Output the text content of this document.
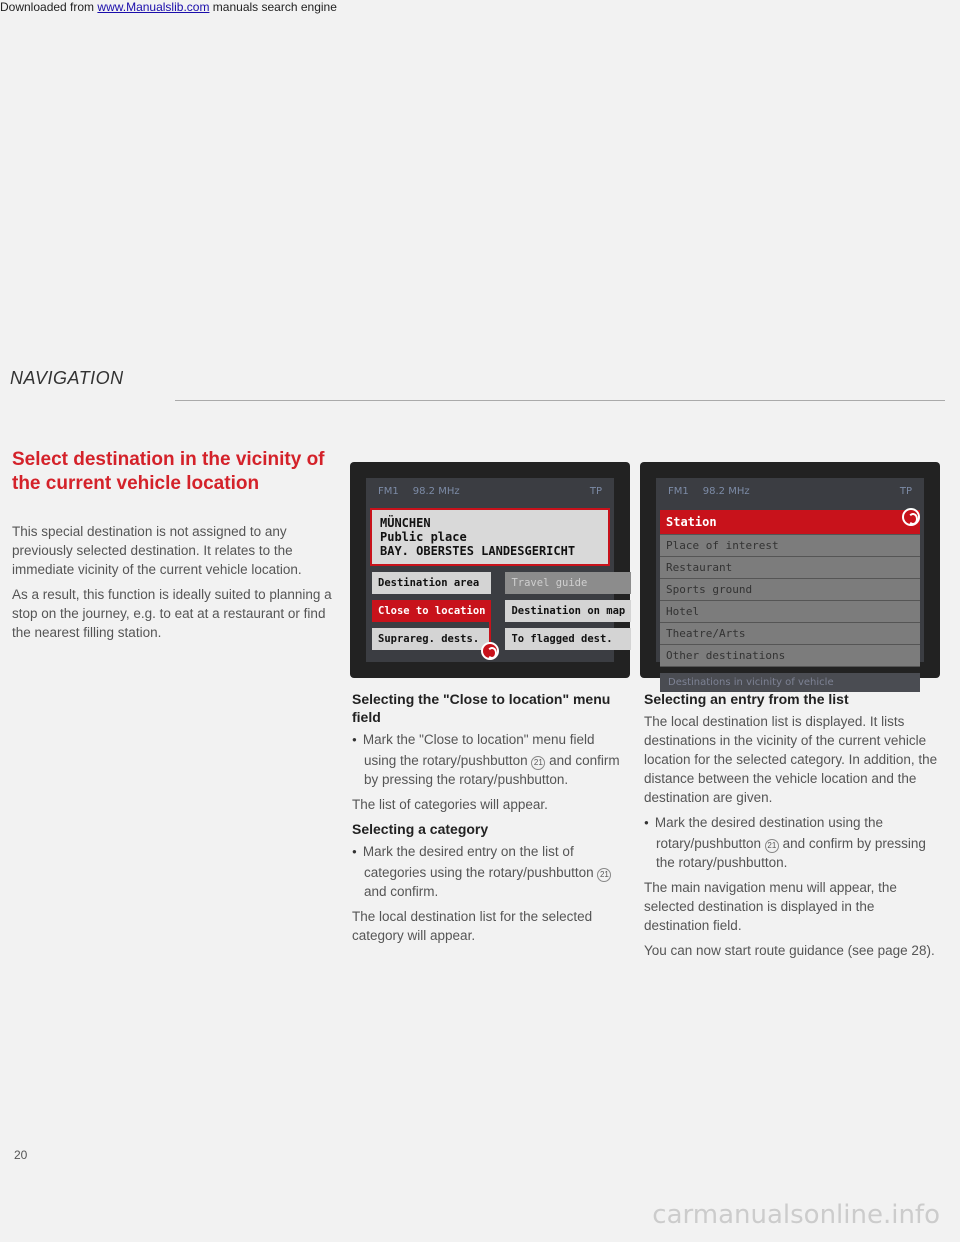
Downloaded from www.Manualslib.com manuals search engine
NAVIGATION
Select destination in the vicinity of the current vehicle location

This special destination is not assigned to any previously selected destination. It relates to the immediate vicinity of the current vehicle location.

As a result, this function is ideally suited to planning a stop on the journey, e.g. to eat at a restaurant or find the nearest filling station.

FM1 98.2 MHz	TP
MÜNCHEN
Public place
BAY. OBERSTES LANDESGERICHT
Destination area	Travel guide
Close to location	Destination on map
Suprareg. dests.	To flagged dest.
FM1 98.2 MHz	TP
Station
Place of interest
Restaurant
Sports ground
Hotel
Theatre/Arts
Other destinations
Destinations in vicinity of vehicle
Selecting the "Close to location" menu field

● Mark the "Close to location" menu field using the rotary/pushbutton 21 and confirm by pressing the rotary/pushbutton.

The list of categories will appear.

Selecting a category

● Mark the desired entry on the list of categories using the rotary/pushbutton 21 and confirm.

The local destination list for the selected category will appear.

Selecting an entry from the list

The local destination list is displayed. It lists destinations in the vicinity of the current vehicle location for the selected category. In addition, the distance between the vehicle location and the destination are given.

● Mark the desired destination using the rotary/pushbutton 21 and confirm by pressing the rotary/pushbutton.

The main navigation menu will appear, the selected destination is displayed in the destination field.

You can now start route guidance (see page 28).

20
carmanualsonline.info
